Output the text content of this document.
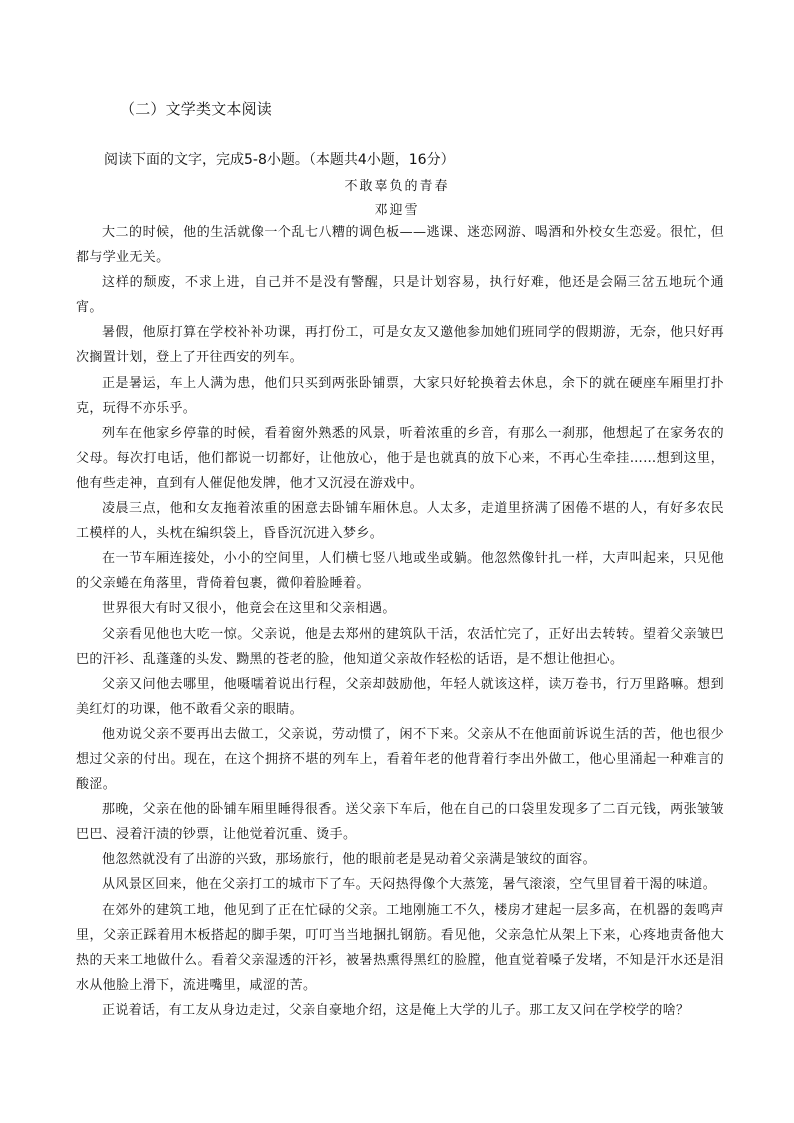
（二）文学类文本阅读

阅读下面的文字，完成5-8小题。（本题共4小题，16分）

不敢辜负的青春

邓迎雪

大二的时候，他的生活就像一个乱七八糟的调色板——逃课、迷恋网游、喝酒和外校女生恋爱。很忙，但都与学业无关。

这样的颓废，不求上进，自己并不是没有警醒，只是计划容易，执行好难，他还是会隔三岔五地玩个通宵。

暑假，他原打算在学校补补功课，再打份工，可是女友又邀他参加她们班同学的假期游，无奈，他只好再次搁置计划，登上了开往西安的列车。

正是暑运，车上人满为患，他们只买到两张卧铺票，大家只好轮换着去休息，余下的就在硬座车厢里打扑克，玩得不亦乐乎。

列车在他家乡停靠的时候，看着窗外熟悉的风景，听着浓重的乡音，有那么一刹那，他想起了在家务农的父母。每次打电话，他们都说一切都好，让他放心，他于是也就真的放下心来，不再心生牵挂……想到这里，他有些走神，直到有人催促他发牌，他才又沉浸在游戏中。

凌晨三点，他和女友拖着浓重的困意去卧铺车厢休息。人太多，走道里挤满了困倦不堪的人，有好多农民工模样的人，头枕在编织袋上，昏昏沉沉进入梦乡。

在一节车厢连接处，小小的空间里，人们横七竖八地或坐或躺。他忽然像针扎一样，大声叫起来，只见他的父亲蜷在角落里，背倚着包裹，微仰着脸睡着。

世界很大有时又很小，他竟会在这里和父亲相遇。

父亲看见他也大吃一惊。父亲说，他是去郑州的建筑队干活，农活忙完了，正好出去转转。望着父亲皱巴巴的汗衫、乱蓬蓬的头发、黝黑的苍老的脸，他知道父亲故作轻松的话语，是不想让他担心。

父亲又问他去哪里，他嗫嚅着说出行程，父亲却鼓励他，年轻人就该这样，读万卷书，行万里路嘛。想到美红灯的功课，他不敢看父亲的眼睛。

他劝说父亲不要再出去做工，父亲说，劳动惯了，闲不下来。父亲从不在他面前诉说生活的苦，他也很少想过父亲的付出。现在，在这个拥挤不堪的列车上，看着年老的他背着行李出外做工，他心里涌起一种难言的酸涩。

那晚，父亲在他的卧铺车厢里睡得很香。送父亲下车后，他在自己的口袋里发现多了二百元钱，两张皱皱巴巴、浸着汗渍的钞票，让他觉着沉重、烫手。

他忽然就没有了出游的兴致，那场旅行，他的眼前老是晃动着父亲满是皱纹的面容。

从风景区回来，他在父亲打工的城市下了车。天闷热得像个大蒸笼，暑气滚滚，空气里冒着干渴的味道。

在郊外的建筑工地，他见到了正在忙碌的父亲。工地刚施工不久，楼房才建起一层多高，在机器的轰鸣声里，父亲正踩着用木板搭起的脚手架，叮叮当当地捆扎钢筋。看见他，父亲急忙从架上下来，心疼地责备他大热的天来工地做什么。看着父亲湿透的汗衫，被暑热熏得黑红的脸膛，他直觉着嗓子发堵，不知是汗水还是泪水从他脸上滑下，流进嘴里，咸涩的苦。

正说着话，有工友从身边走过，父亲自豪地介绍，这是俺上大学的儿子。那工友又问在学校学的啥？
